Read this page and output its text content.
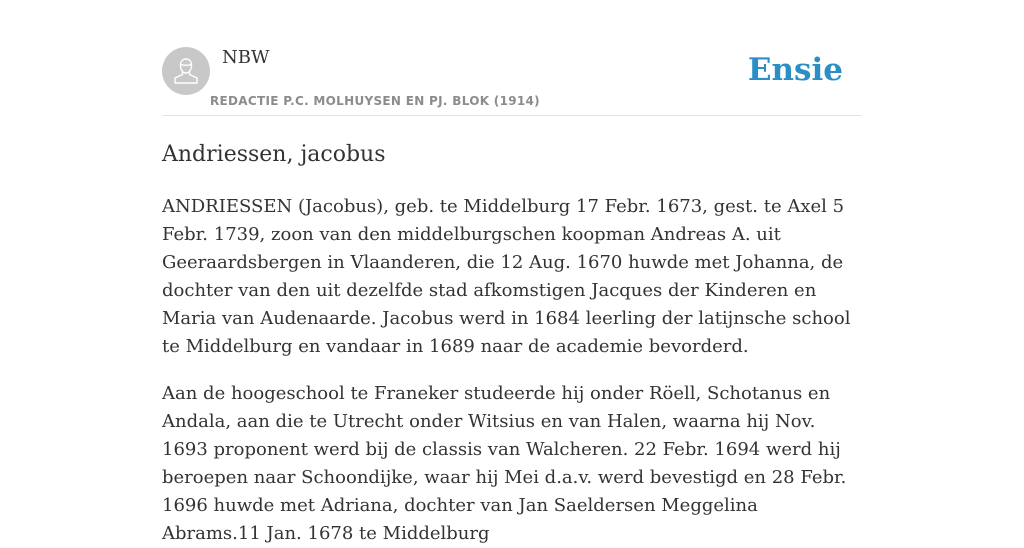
NBW
REDACTIE P.C. MOLHUYSEN EN PJ. BLOK (1914)
Ensie
Andriessen, jacobus

ANDRIESSEN (Jacobus), geb. te Middelburg 17 Febr. 1673, gest. te Axel 5 Febr. 1739, zoon van den middelburgschen koopman Andreas A. uit Geeraardsbergen in Vlaanderen, die 12 Aug. 1670 huwde met Johanna, de dochter van den uit dezelfde stad afkomstigen Jacques der Kinderen en Maria van Audenaarde. Jacobus werd in 1684 leerling der latijnsche school te Middelburg en vandaar in 1689 naar de academie bevorderd.

Aan de hoogeschool te Franeker studeerde hij onder Röell, Schotanus en Andala, aan die te Utrecht onder Witsius en van Halen, waarna hij Nov. 1693 proponent werd bij de classis van Walcheren. 22 Febr. 1694 werd hij beroepen naar Schoondijke, waar hij Mei d.a.v. werd bevestigd en 28 Febr. 1696 huwde met Adriana, dochter van Jan Saeldersen Meggelina Abrams.11 Jan. 1678 te Middelburg
